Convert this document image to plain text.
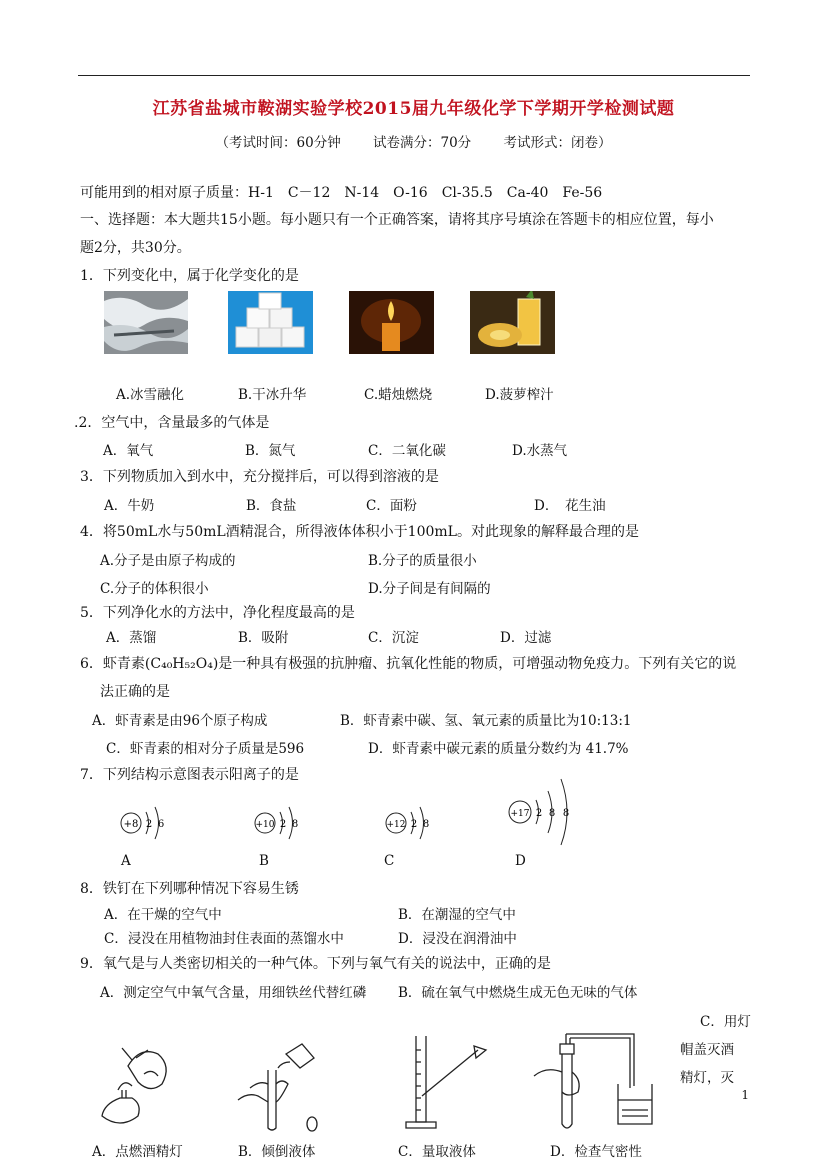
江苏省盐城市鞍湖实验学校2015届九年级化学下学期开学检测试题
（考试时间：60分钟 试卷满分：70分 考试形式：闭卷）
可能用到的相对原子质量：H-1　C－12　N-14　O-16　Cl-35.5　Ca-40　Fe-56
一、选择题：本大题共15小题。每小题只有一个正确答案，请将其序号填涂在答题卡的相应位置，每小
题2分，共30分。
1．下列变化中，属于化学变化的是
A.冰雪融化	B.干冰升华	C.蜡烛燃烧	D.菠萝榨汁
.2．空气中，含量最多的气体是
A．氧气	B．氮气	C．二氧化碳	D.水蒸气
3．下列物质加入到水中，充分搅拌后，可以得到溶液的是
A．牛奶	B．食盐	C．面粉	D．　花生油
4．将50mL水与50mL酒精混合，所得液体体积小于100mL。对此现象的解释最合理的是
A.分子是由原子构成的	B.分子的质量很小
C.分子的体积很小	D.分子间是有间隔的
5．下列净化水的方法中，净化程度最高的是
A．蒸馏	B．吸附	C．沉淀	D．过滤
6．虾青素(C₄₀H₅₂O₄)是一种具有极强的抗肿瘤、抗氧化性能的物质，可增强动物免疫力。下列有关它的说
法正确的是
A．虾青素是由96个原子构成	B．虾青素中碳、氢、氧元素的质量比为10:13:1
C．虾青素的相对分子质量是596	D．虾青素中碳元素的质量分数约为 41.7%
7．下列结构示意图表示阳离子的是
+8 2 6
A
+10 2 8
B
+12 2 8
C
+17 2 8 8
D
8．铁钉在下列哪种情况下容易生锈
A．在干燥的空气中	B．在潮湿的空气中
C．浸没在用植物油封住表面的蒸馏水中	D．浸没在润滑油中
9．氧气是与人类密切相关的一种气体。下列与氧气有关的说法中，正确的是
A．测定空气中氧气含量，用细铁丝代替红磷 B．硫在氧气中燃烧生成无色无味的气体
C．用灯
帽盖灭酒
精灯，灭
1
A．点燃酒精灯	B．倾倒液体	C．量取液体	D．检查气密性
